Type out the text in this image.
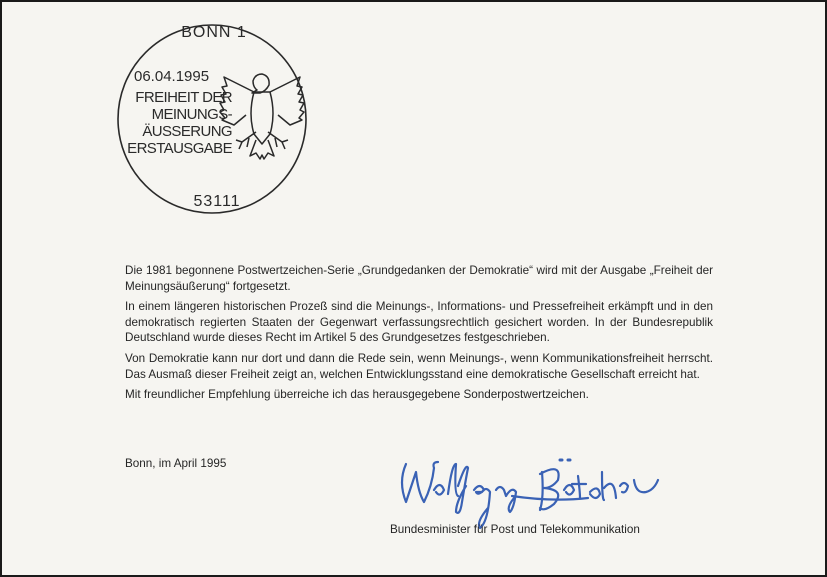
BONN 1
06.04.1995
FREIHEIT DER
MEINUNGS-
ÄUSSERUNG
ERSTAUSGABE
53111

Die 1981 begonnene Postwertzeichen-Serie „Grundgedanken der Demokratie“ wird mit der Ausgabe „Freiheit der Meinungsäußerung“ fortgesetzt.

In einem längeren historischen Prozeß sind die Meinungs-, Informations- und Pressefreiheit erkämpft und in den demokratisch regierten Staaten der Gegenwart verfassungsrechtlich gesichert worden. In der Bundesrepublik Deutschland wurde dieses Recht im Artikel 5 des Grundgesetzes festgeschrieben.

Von Demokratie kann nur dort und dann die Rede sein, wenn Meinungs-, wenn Kommunikationsfreiheit herrscht. Das Ausmaß dieser Freiheit zeigt an, welchen Entwicklungsstand eine demokratische Gesellschaft erreicht hat.

Mit freundlicher Empfehlung überreiche ich das herausgegebene Sonderpostwertzeichen.

Bonn, im April 1995
Bundesminister für Post und Telekommunikation
